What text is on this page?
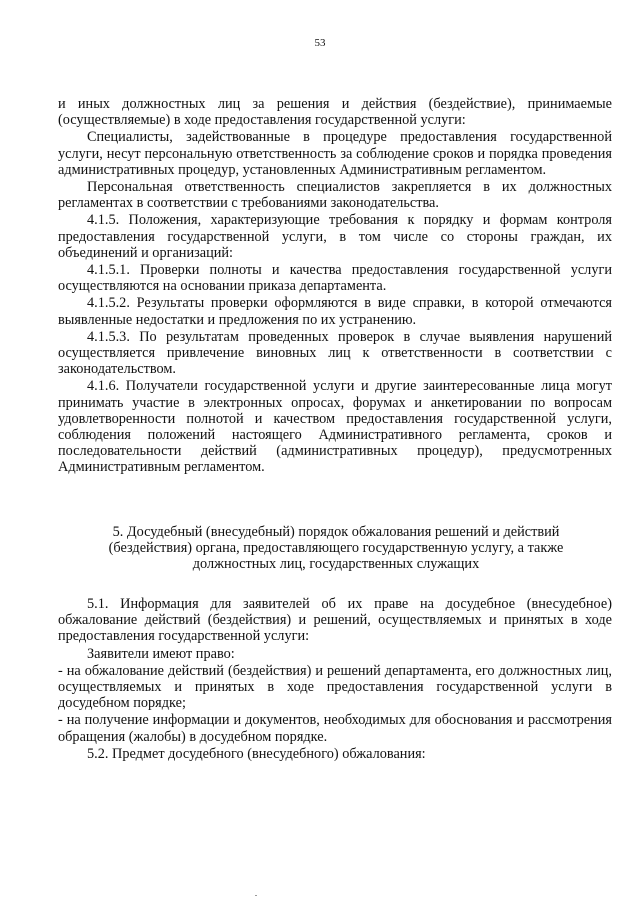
53

и иных должностных лиц за решения и действия (бездействие), принимаемые (осуществляемые) в ходе предоставления государственной услуги:

Специалисты, задействованные в процедуре предоставления государственной услуги, несут персональную ответственность за соблюдение сроков и порядка проведения административных процедур, установленных Административным регламентом.

Персональная ответственность специалистов закрепляется в их должностных регламентах в соответствии с требованиями законодательства.

4.1.5. Положения, характеризующие требования к порядку и формам контроля предоставления государственной услуги, в том числе со стороны граждан, их объединений и организаций:

4.1.5.1. Проверки полноты и качества предоставления государственной услуги осуществляются на основании приказа департамента.

4.1.5.2. Результаты проверки оформляются в виде справки, в которой отмечаются выявленные недостатки и предложения по их устранению.

4.1.5.3. По результатам проведенных проверок в случае выявления нарушений осуществляется привлечение виновных лиц к ответственности в соответствии с законодательством.

4.1.6. Получатели государственной услуги и другие заинтересованные лица могут принимать участие в электронных опросах, форумах и анкетировании по вопросам удовлетворенности полнотой и качеством предоставления государственной услуги, соблюдения положений настоящего Административного регламента, сроков и последовательности действий (административных процедур), предусмотренных Административным регламентом.

5. Досудебный (внесудебный) порядок обжалования решений и действий
(бездействия) органа, предоставляющего государственную услугу, а также
должностных лиц, государственных служащих

5.1. Информация для заявителей об их праве на досудебное (внесудебное) обжалование действий (бездействия) и решений, осуществляемых и принятых в ходе предоставления государственной услуги:

Заявители имеют право:

- на обжалование действий (бездействия) и решений департамента, его должностных лиц, осуществляемых и принятых в ходе предоставления государственной услуги в досудебном порядке;

- на получение информации и документов, необходимых для обоснования и рассмотрения обращения (жалобы) в досудебном порядке.

5.2. Предмет досудебного (внесудебного) обжалования:
